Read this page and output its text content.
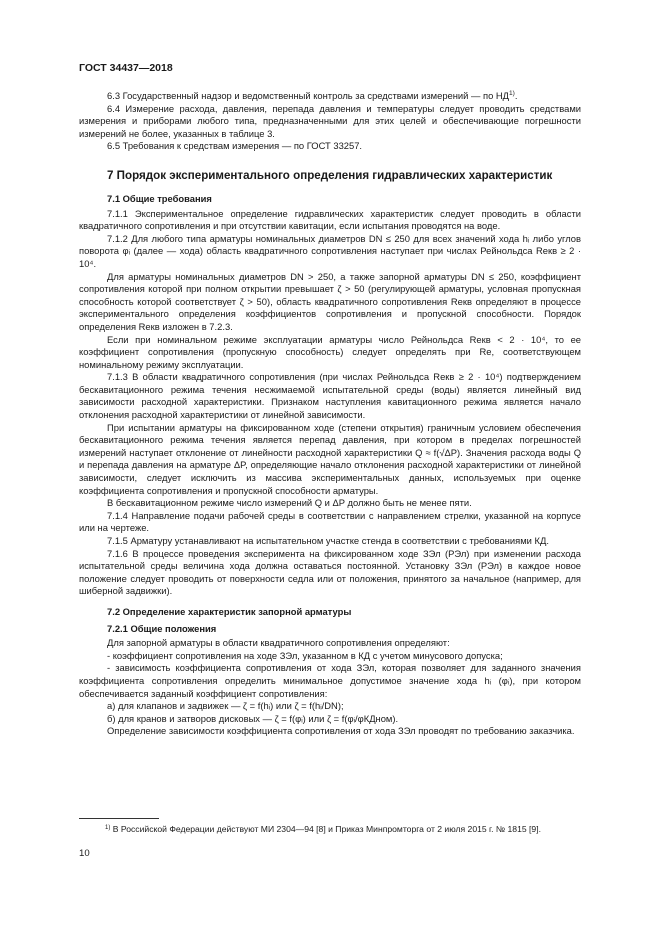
ГОСТ 34437—2018

6.3 Государственный надзор и ведомственный контроль за средствами измерений — по НД$^{1)}$.

6.4 Измерение расхода, давления, перепада давления и температуры следует проводить средствами измерения и приборами любого типа, предназначенными для этих целей и обеспечивающие погрешности измерений не более, указанных в таблице 3.

6.5 Требования к средствам измерения — по ГОСТ 33257.

7 Порядок экспериментального определения гидравлических характеристик

7.1 Общие требования

7.1.1 Экспериментальное определение гидравлических характеристик следует проводить в области квадратичного сопротивления и при отсутствии кавитации, если испытания проводятся на воде.

7.1.2 Для любого типа арматуры номинальных диаметров DN ≤ 250 для всех значений хода hᵢ либо углов поворота φᵢ (далее — хода) область квадратичного сопротивления наступает при числах Рейнольдса Reкв ≥ 2 · 10⁴.

Для арматуры номинальных диаметров DN > 250, а также запорной арматуры DN ≤ 250, коэффициент сопротивления которой при полном открытии превышает ζ > 50 (регулирующей арматуры, условная пропускная способность которой соответствует ζ > 50), область квадратичного сопротивления Reкв определяют в процессе экспериментального определения коэффициентов сопротивления и пропускной способности. Порядок определения Reкв изложен в 7.2.3.

Если при номинальном режиме эксплуатации арматуры число Рейнольдса Reкв < 2 · 10⁴, то ее коэффициент сопротивления (пропускную способность) следует определять при Re, соответствующем номинальному режиму эксплуатации.

7.1.3 В области квадратичного сопротивления (при числах Рейнольдса Reкв ≥ 2 · 10⁴) подтверждением бескавитационного режима течения несжимаемой испытательной среды (воды) является линейный вид зависимости расходной характеристики. Признаком наступления кавитационного режима является начало отклонения расходной характеристики от линейной зависимости.

При испытании арматуры на фиксированном ходе (степени открытия) граничным условием обеспечения бескавитационного режима течения является перепад давления, при котором в пределах погрешностей измерений наступает отклонение от линейности расходной характеристики Q ≈ f(√ΔP). Значения расхода воды Q и перепада давления на арматуре ΔP, определяющие начало отклонения расходной характеристики от линейной зависимости, следует исключить из массива экспериментальных данных, используемых при оценке коэффициента сопротивления и пропускной способности арматуры.

В бескавитационном режиме число измерений Q и ΔP должно быть не менее пяти.

7.1.4 Направление подачи рабочей среды в соответствии с направлением стрелки, указанной на корпусе или на чертеже.

7.1.5 Арматуру устанавливают на испытательном участке стенда в соответствии с требованиями КД.

7.1.6 В процессе проведения эксперимента на фиксированном ходе ЗЭл (РЭл) при изменении расхода испытательной среды величина хода должна оставаться постоянной. Установку ЗЭл (РЭл) в каждое новое положение следует проводить от поверхности седла или от положения, принятого за начальное (например, для шиберной задвижки).

7.2 Определение характеристик запорной арматуры

7.2.1 Общие положения

Для запорной арматуры в области квадратичного сопротивления определяют:

- коэффициент сопротивления на ходе ЗЭл, указанном в КД с учетом минусового допуска;

- зависимость коэффициента сопротивления от хода ЗЭл, которая позволяет для заданного значения коэффициента сопротивления определить минимальное допустимое значение хода hᵢ (φᵢ), при котором обеспечивается заданный коэффициент сопротивления:

а) для клапанов и задвижек — ζ = f(hᵢ) или ζ = f(hᵢ/DN);

б) для кранов и затворов дисковых — ζ = f(φᵢ) или ζ = f(φᵢ/φКДном).

Определение зависимости коэффициента сопротивления от хода ЗЭл проводят по требованию заказчика.

$^{1)}$ В Российской Федерации действуют МИ 2304—94 [8] и Приказ Минпромторга от 2 июля 2015 г. № 1815 [9].
10
